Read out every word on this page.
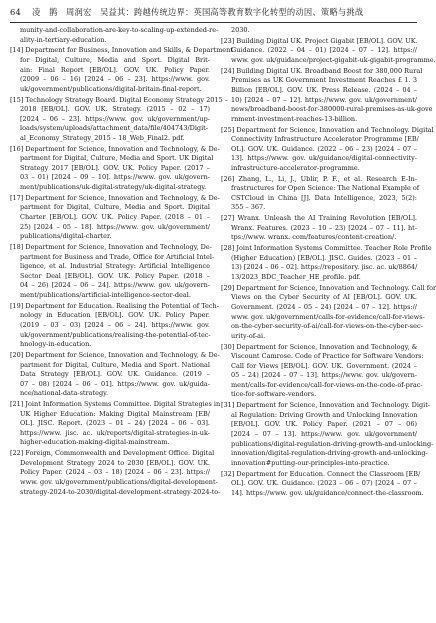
64	凌　鹊　周润宏　吴益其：跨越传统边界：英国高等教育数字化转型的动因、策略与挑战
munity-and-collaboration-are-key-to-scaling-up-extended-re-
ality-in-tertiary-education.
[14] Department for Business, Innovation and Skills, & Department
for Digital, Culture, Media and Sport. Digital Brit-
ain: Final Report [EB/OL]. GOV. UK. Policy Paper.
(2009 – 06 – 16) [2024 – 06 – 23]. https://www. gov.
uk/government/publications/digital-britain-final-report.
[15] Technology Strategy Board. Digital Economy Strategy 2015 –
2018 [EB/OL]. GOV. UK. Strategy. (2015 – 02 – 17)
[2024 – 06 – 23]. https://www. gov. uk/government/up-
loads/system/uploads/attachment_data/file/404743/Digit-
al_Economy_Strategy_2015 – 18_Web_Final2. pdf.
[16] Department for Science, Innovation and Technology, & De-
partment for Digital, Culture, Media and Sport. UK Digital
Strategy 2017 [EB/OL]. GOV. UK. Policy Paper. (2017 –
03 – 01) [2024 – 09 – 10]. https://www. gov. uk/govern-
ment/publications/uk-digital-strategy/uk-digital-strategy.
[17] Department for Science, Innovation and Technology, & De-
partment for Digital, Culture, Media and Sport. Digital
Charter [EB/OL]. GOV. UK. Policy Paper. (2018 – 01 –
25) [2024 – 05 – 18]. https://www. gov. uk/government/
publications/digital-charter.
[18] Department for Science, Innovation and Technology, De-
partment for Business and Trade, Office for Artificial Intel-
ligence, et al. Industrial Strategy: Artificial Intelligence
Sector Deal [EB/OL]. GOV. UK. Policy Paper. (2018 –
04 – 26) [2024 – 06 – 24]. https://www. gov. uk/govern-
ment/publications/artificial-intelligence-sector-deal.
[19] Department for Education. Realising the Potential of Tech-
nology in Education [EB/OL]. GOV. UK. Policy Paper.
(2019 – 03 – 03) [2024 – 06 – 24]. https://www. gov.
uk/government/publications/realising-the-potential-of-tec-
hnology-in-education.
[20] Department for Science, Innovation and Technology, & De-
partment for Digital, Culture, Media and Sport. National
Data Strategy [EB/OL]. GOV. UK. Guidance. (2019 –
07 – 08) [2024 – 06 – 01]. https://www. gov. uk/guida-
nce/national-data-strategy.
[21] Joint Information Systems Committee. Digital Strategies in
UK Higher Education: Making Digital Mainstream [EB/
OL]. JISC. Report. (2023 – 01 – 24) [2024 – 06 – 03].
https://www. jisc. ac. uk/reports/digital-strategies-in-uk-
higher-education-making-digital-mainstream.
[22] Foreign, Commonwealth and Development Office. Digital
Development Strategy 2024 to 2030 [EB/OL]. GOV. UK.
Policy Paper. (2024 – 03 – 18) [2024 – 06 – 23]. https://
www. gov. uk/government/publications/digital-development-
strategy-2024-to-2030/digital-development-strategy-2024-to-
2030.
[23] Building Digital UK. Project Gigabit [EB/OL]. GOV. UK.
Guidance. (2022 – 04 – 01) [2024 – 07 – 12]. https://
www. gov. uk/guidance/project-gigabit-uk-gigabit-programme.
[24] Building Digital UK. Broadband Boost for 380,000 Rural
Premises as UK Government Investment Reaches £ 1. 3
Billion [EB/OL]. GOV. UK. Press Release. (2024 – 04 –
10) [2024 – 07 – 12]. https://www. gov. uk/government/
news/broadband-boost-for-380000-rural-premises-as-uk-gove
rnment-investment-reaches-13-billion.
[25] Department for Science, Innovation and Technology. Digital
Connectivity Infrastructure Accelerator Programme [EB/
OL]. GOV. UK. Guidance. (2022 – 06 – 23) [2024 – 07 –
13]. https://www. gov. uk/guidance/digital-connectivity-
infrastructure-accelerator-programme.
[26] Zhang, L., Li, J., Ublir, P. F., et al. Research E-In-
frastructures for Open Science: The National Example of
CSTCloud in China [J]. Data Intelligence, 2023, 5(2):
355 – 367.
[27] Wranx. Unleash the AI Training Revolution [EB/OL].
Wranx. Features. (2023 – 10 – 23) [2024 – 07 – 11]. ht-
tps://www. wranx. com/features/content-creation/.
[28] Joint Information Systems Committee. Teacher Role Profile
(Higher Education) [EB/OL]. JISC. Guides. (2023 – 01 –
13) [2024 – 06 – 02]. https://repository. jisc. ac. uk/8864/
13/2023_BDC_Teacher_HE_profile. pdf.
[29] Department for Science, Innovation and Technology. Call for
Views on the Cyber Security of AI [EB/OL]. GOV. UK.
Government. (2024 – 05 – 24) [2024 – 07 – 12]. https://
www. gov. uk/government/calls-for-evidence/call-for-views-
on-the-cyber-security-of-ai/call-for-views-on-the-cyber-sec-
urity-of-ai.
[30] Department for Science, Innovation and Technology, &
Viscount Camrose. Code of Practice for Software Vendors:
Call for Views [EB/OL]. GOV. UK. Government. (2024 –
05 – 24) [2024 – 07 – 13]. https://www. gov. uk/govern-
ment/calls-for-evidence/call-for-views-on-the-code-of-prac-
tice-for-software-vendors.
[31] Department for Science, Innovation and Technology. Digit-
al Regulation: Driving Growth and Unlocking Innovation
[EB/OL]. GOV. UK. Policy Paper. (2021 – 07 – 06)
[2024 – 07 – 13]. https://www. gov. uk/government/
publications/digital-regulation-driving-growth-and-unlocking-
innovation/digital-regulation-driving-growth-and-unlocking-
innovation#putting-our-principles-into-practice.
[32] Department for Education. Connect the Classroom [EB/
OL]. GOV. UK. Guidance. (2023 – 06 – 07) [2024 – 07 –
14]. https://www. gov. uk/guidance/connect-the-classroom.
